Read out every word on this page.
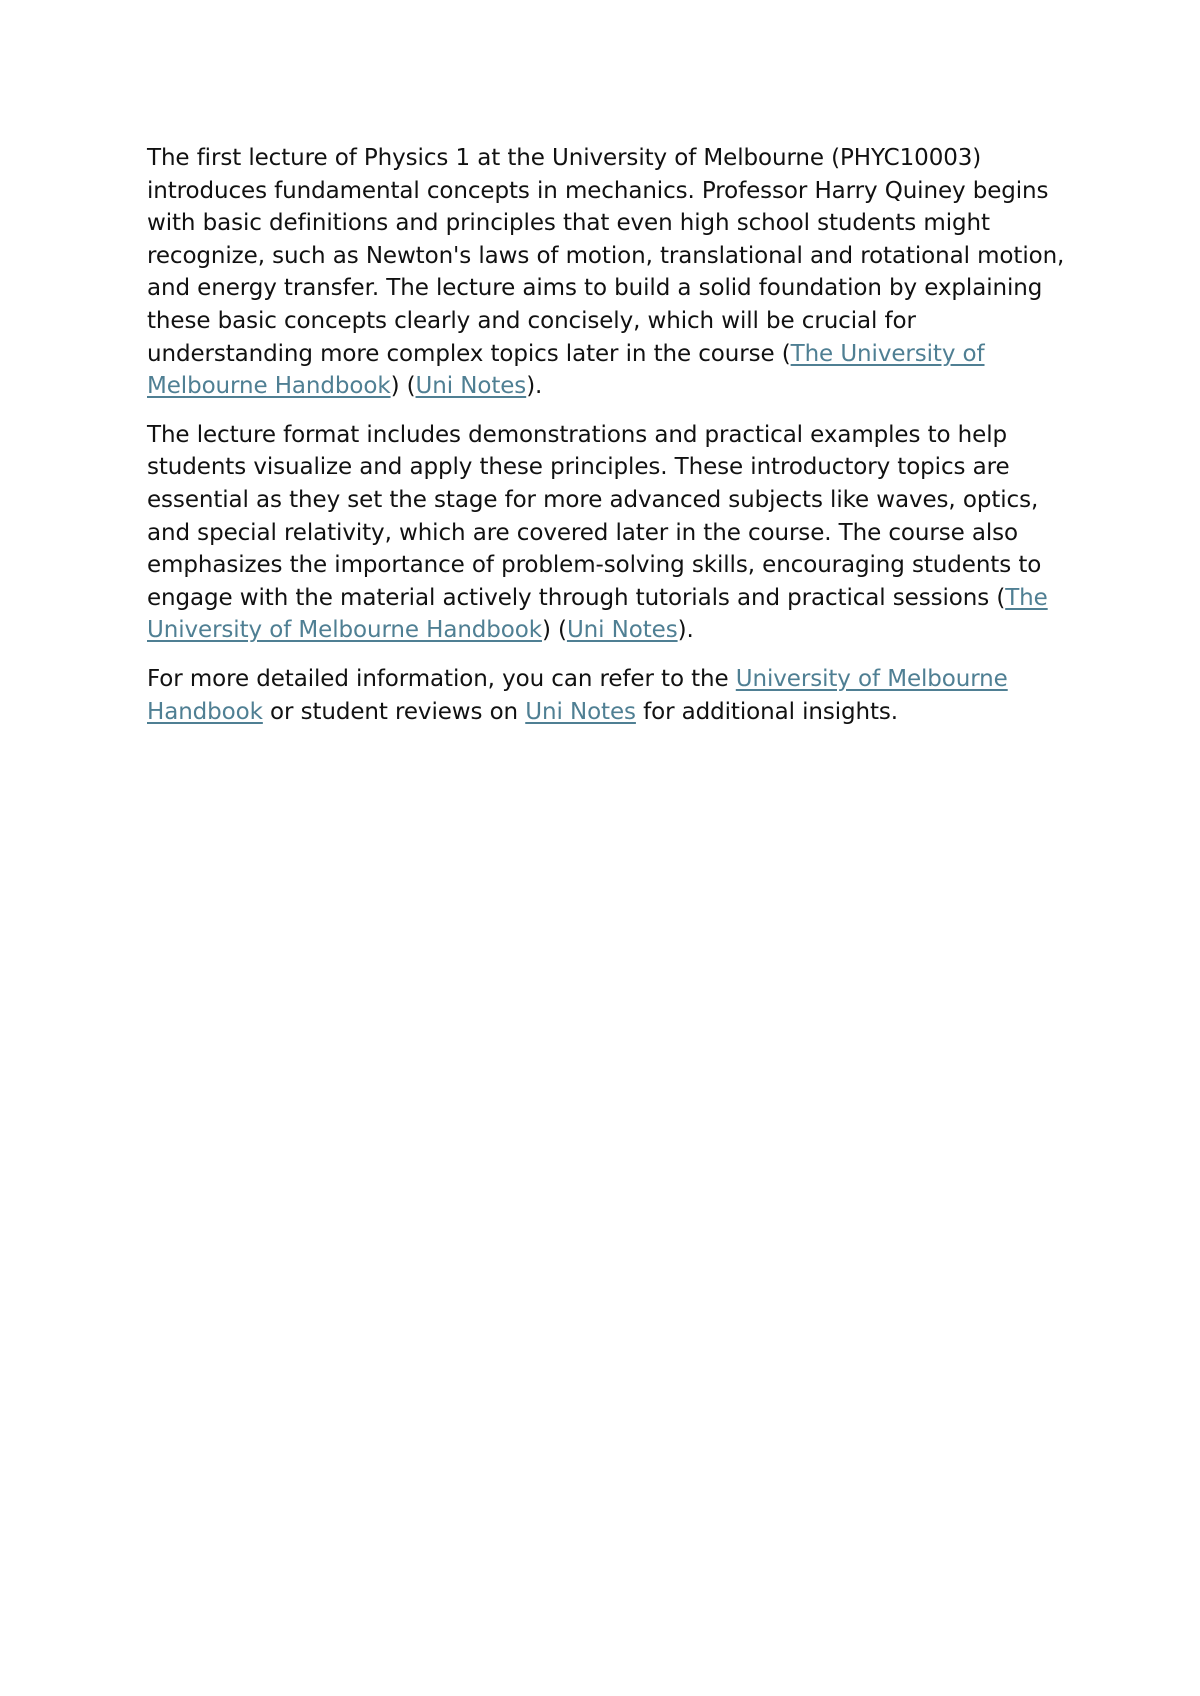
The first lecture of Physics 1 at the University of Melbourne (PHYC10003) introduces fundamental concepts in mechanics. Professor Harry Quiney begins with basic definitions and principles that even high school students might recognize, such as Newton's laws of motion, translational and rotational motion, and energy transfer. The lecture aims to build a solid foundation by explaining these basic concepts clearly and concisely, which will be crucial for understanding more complex topics later in the course (The University of Melbourne Handbook) (Uni Notes).

The lecture format includes demonstrations and practical examples to help students visualize and apply these principles. These introductory topics are essential as they set the stage for more advanced subjects like waves, optics, and special relativity, which are covered later in the course. The course also emphasizes the importance of problem-solving skills, encouraging students to engage with the material actively through tutorials and practical sessions (The University of Melbourne Handbook) (Uni Notes).

For more detailed information, you can refer to the University of Melbourne Handbook or student reviews on Uni Notes for additional insights.
